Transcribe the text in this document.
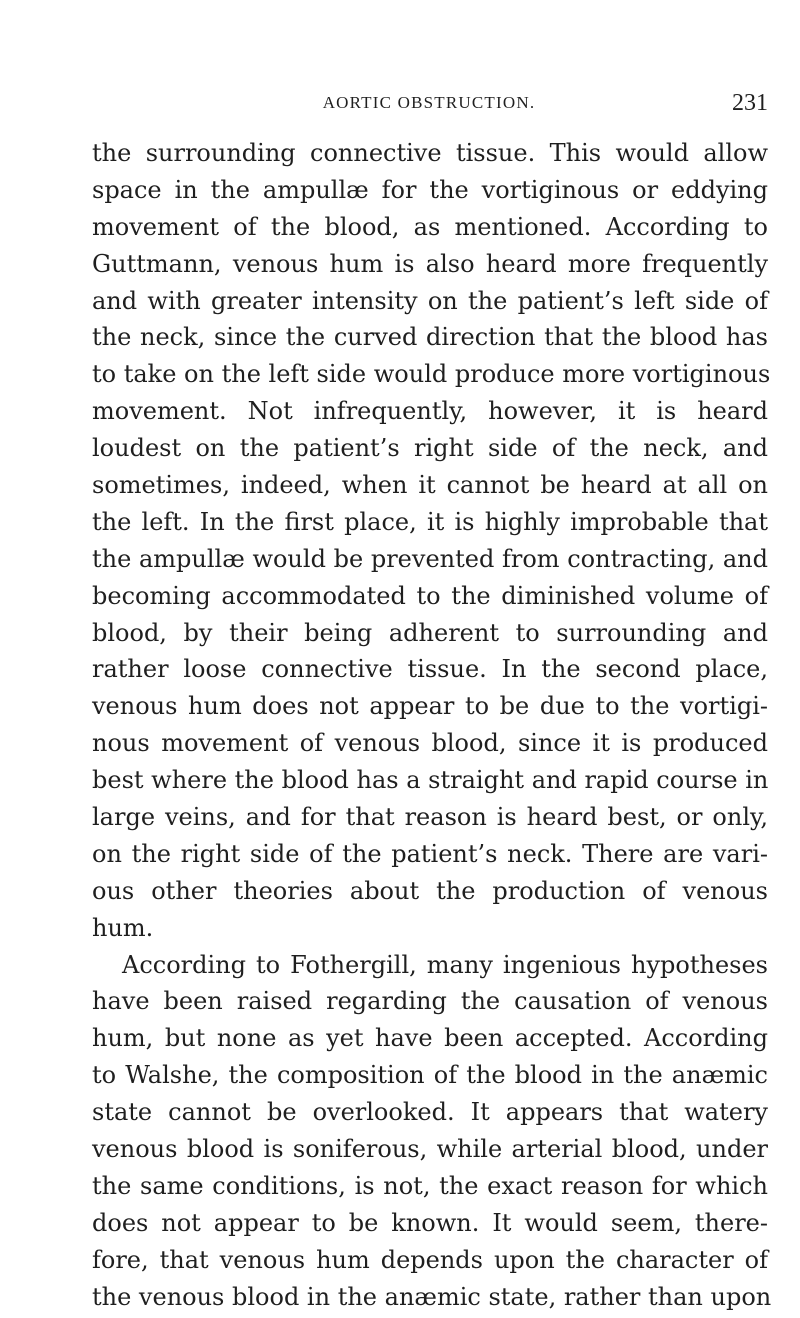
AORTIC OBSTRUCTION.	231
the surrounding connective tissue. This would allow
space in the ampullæ for the vortiginous or eddying
movement of the blood, as mentioned. According to
Guttmann, venous hum is also heard more frequently
and with greater intensity on the patient’s left side of
the neck, since the curved direction that the blood has
to take on the left side would produce more vortiginous
movement. Not infrequently, however, it is heard
loudest on the patient’s right side of the neck, and
sometimes, indeed, when it cannot be heard at all on
the left. In the first place, it is highly improbable that
the ampullæ would be prevented from contracting, and
becoming accommodated to the diminished volume of
blood, by their being adherent to surrounding and
rather loose connective tissue. In the second place,
venous hum does not appear to be due to the vortigi-
nous movement of venous blood, since it is produced
best where the blood has a straight and rapid course in
large veins, and for that reason is heard best, or only,
on the right side of the patient’s neck. There are vari-
ous other theories about the production of venous
hum.
According to Fothergill, many ingenious hypotheses
have been raised regarding the causation of venous
hum, but none as yet have been accepted. According
to Walshe, the composition of the blood in the anæmic
state cannot be overlooked. It appears that watery
venous blood is soniferous, while arterial blood, under
the same conditions, is not, the exact reason for which
does not appear to be known. It would seem, there-
fore, that venous hum depends upon the character of
the venous blood in the anæmic state, rather than upon
